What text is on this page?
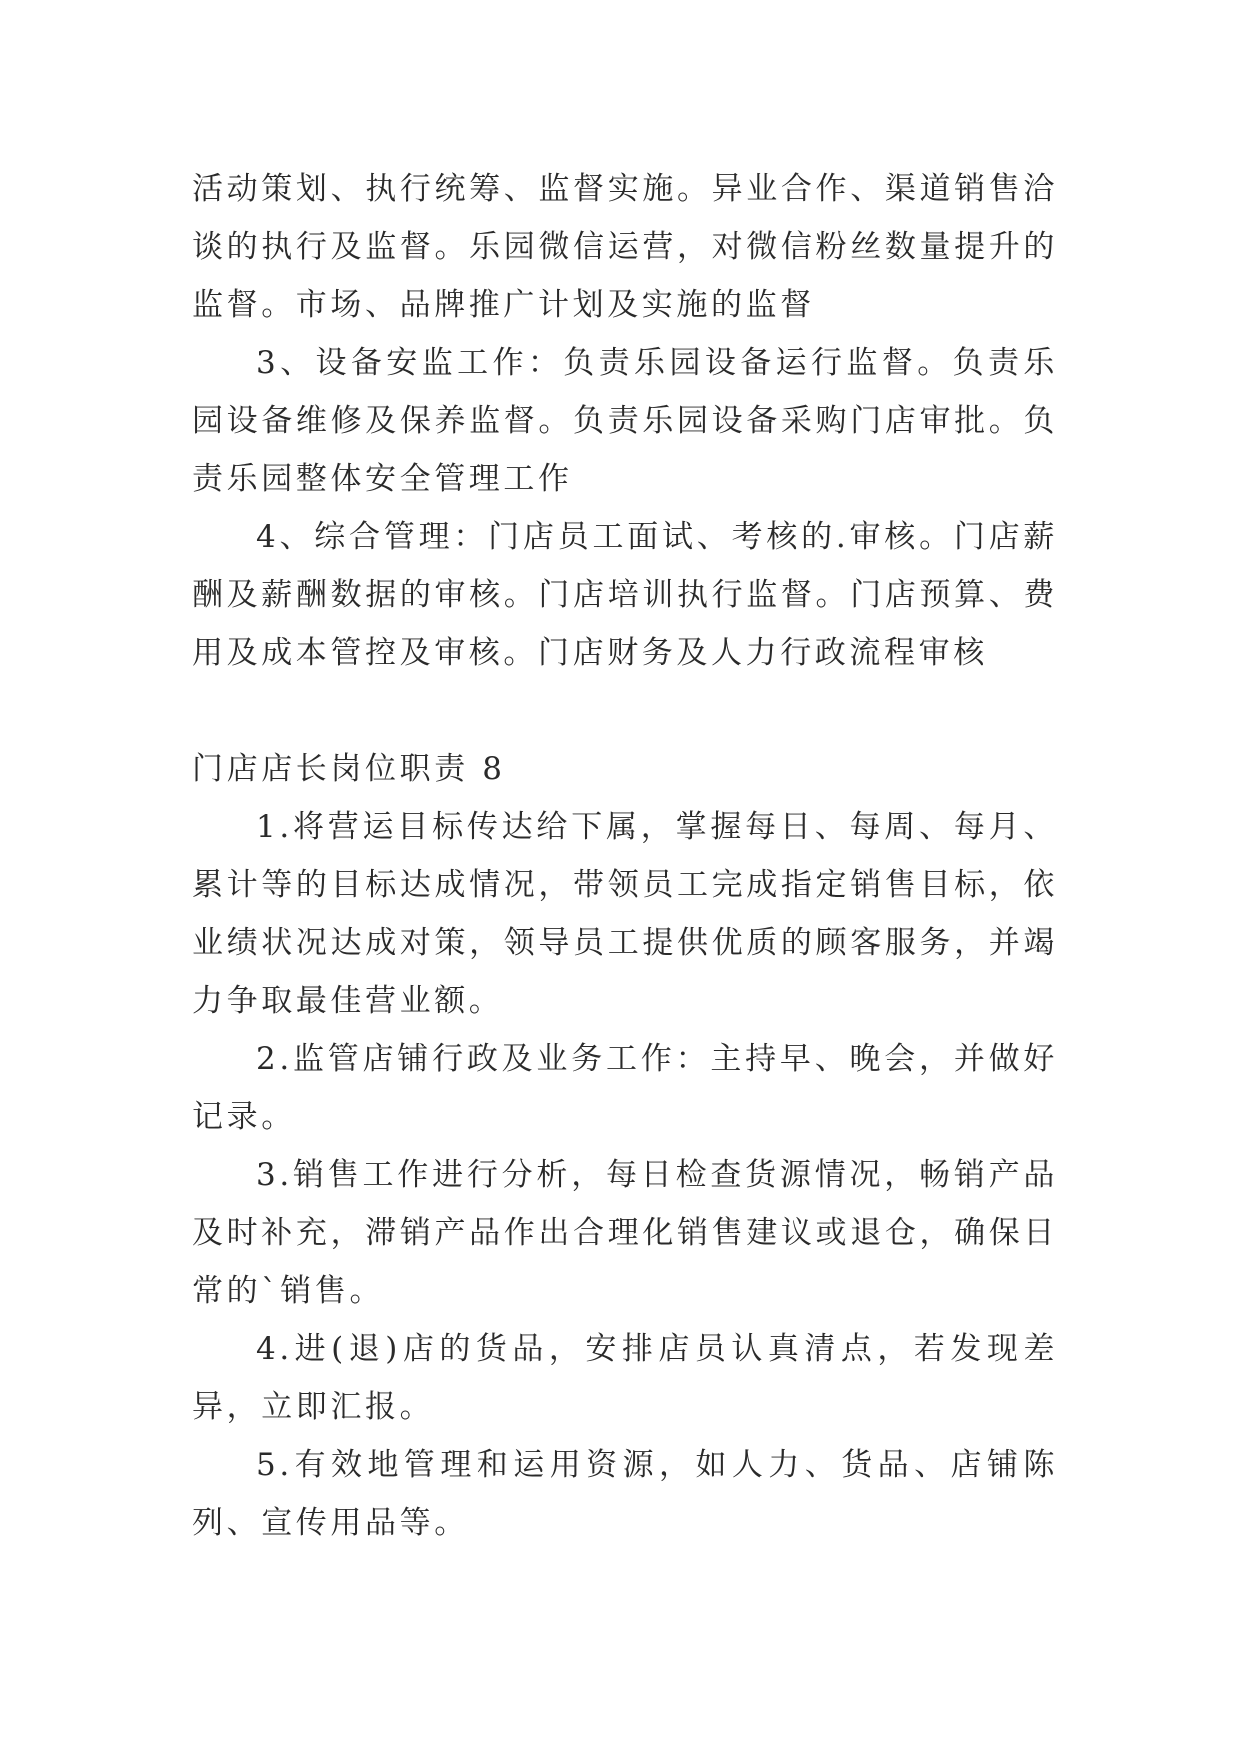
活动策划、执行统筹、监督实施。异业合作、渠道销售洽谈的执行及监督。乐园微信运营，对微信粉丝数量提升的监督。市场、品牌推广计划及实施的监督

3、设备安监工作：负责乐园设备运行监督。负责乐园设备维修及保养监督。负责乐园设备采购门店审批。负责乐园整体安全管理工作

4、综合管理：门店员工面试、考核的.审核。门店薪酬及薪酬数据的审核。门店培训执行监督。门店预算、费用及成本管控及审核。门店财务及人力行政流程审核

门店店长岗位职责 8

1.将营运目标传达给下属，掌握每日、每周、每月、累计等的目标达成情况，带领员工完成指定销售目标，依业绩状况达成对策，领导员工提供优质的顾客服务，并竭力争取最佳营业额。

2.监管店铺行政及业务工作：主持早、晚会，并做好记录。

3.销售工作进行分析，每日检查货源情况，畅销产品及时补充，滞销产品作出合理化销售建议或退仓，确保日常的`销售。

4.进(退)店的货品，安排店员认真清点，若发现差异，立即汇报。

5.有效地管理和运用资源，如人力、货品、店铺陈列、宣传用品等。
